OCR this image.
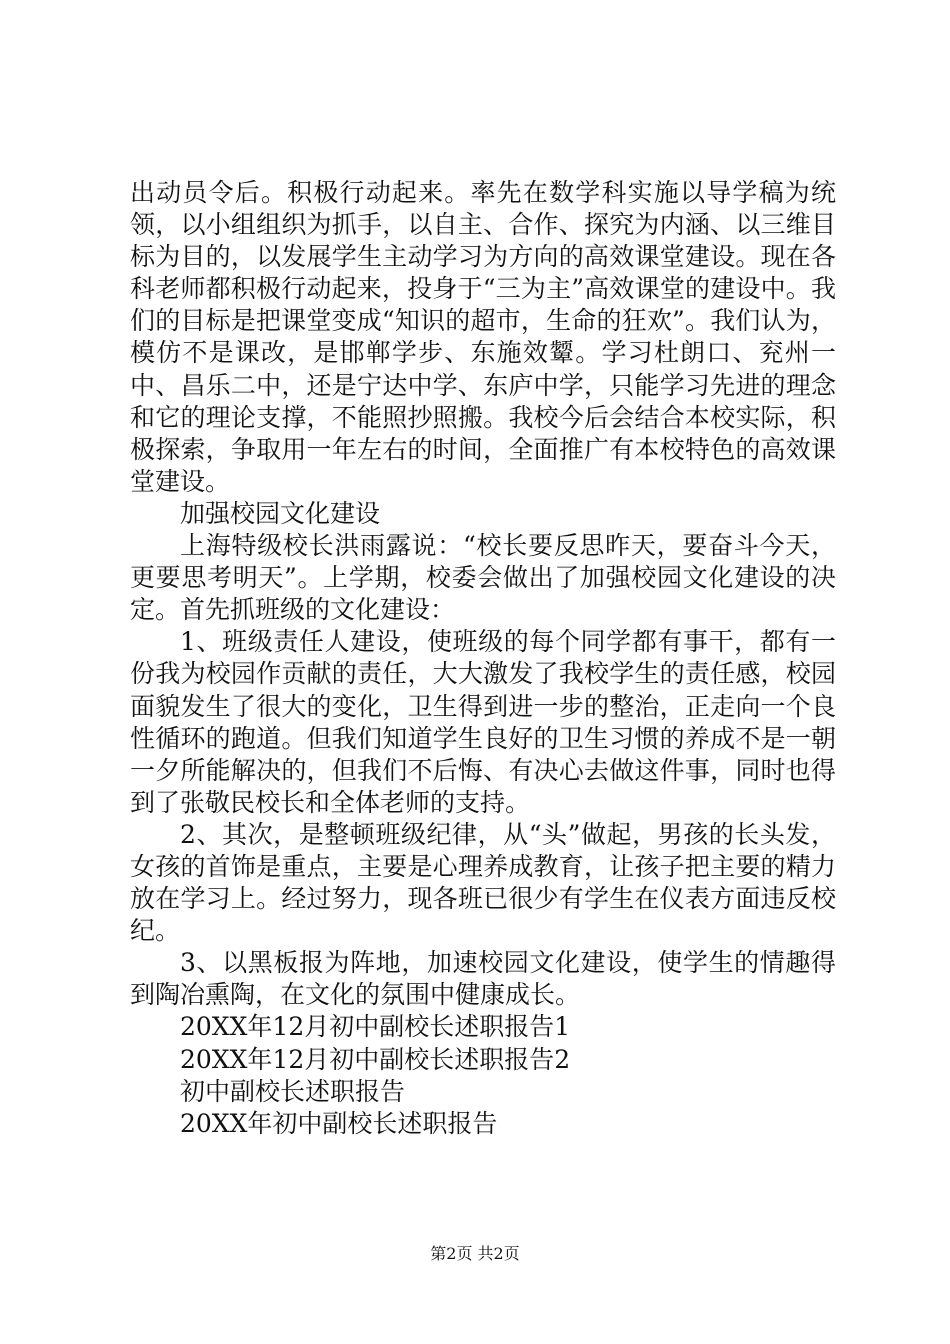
出动员令后。积极行动起来。率先在数学科实施以导学稿为统领，以小组组织为抓手，以自主、合作、探究为内涵、以三维目标为目的，以发展学生主动学习为方向的高效课堂建设。现在各科老师都积极行动起来，投身于“三为主”高效课堂的建设中。我们的目标是把课堂变成“知识的超市，生命的狂欢”。我们认为，模仿不是课改，是邯郸学步、东施效颦。学习杜朗口、兖州一中、昌乐二中，还是宁达中学、东庐中学，只能学习先进的理念和它的理论支撑，不能照抄照搬。我校今后会结合本校实际，积极探索，争取用一年左右的时间，全面推广有本校特色的高效课堂建设。

加强校园文化建设

上海特级校长洪雨露说：“校长要反思昨天，要奋斗今天，更要思考明天”。上学期，校委会做出了加强校园文化建设的决定。首先抓班级的文化建设：

1、班级责任人建设，使班级的每个同学都有事干，都有一份我为校园作贡献的责任，大大激发了我校学生的责任感，校园面貌发生了很大的变化，卫生得到进一步的整治，正走向一个良性循环的跑道。但我们知道学生良好的卫生习惯的养成不是一朝一夕所能解决的，但我们不后悔、有决心去做这件事，同时也得到了张敬民校长和全体老师的支持。

2、其次，是整顿班级纪律，从“头”做起，男孩的长头发，女孩的首饰是重点，主要是心理养成教育，让孩子把主要的精力放在学习上。经过努力，现各班已很少有学生在仪表方面违反校纪。

3、以黑板报为阵地，加速校园文化建设，使学生的情趣得到陶冶熏陶，在文化的氛围中健康成长。

20XX年12月初中副校长述职报告1

20XX年12月初中副校长述职报告2

初中副校长述职报告

20XX年初中副校长述职报告

第2页 共2页
